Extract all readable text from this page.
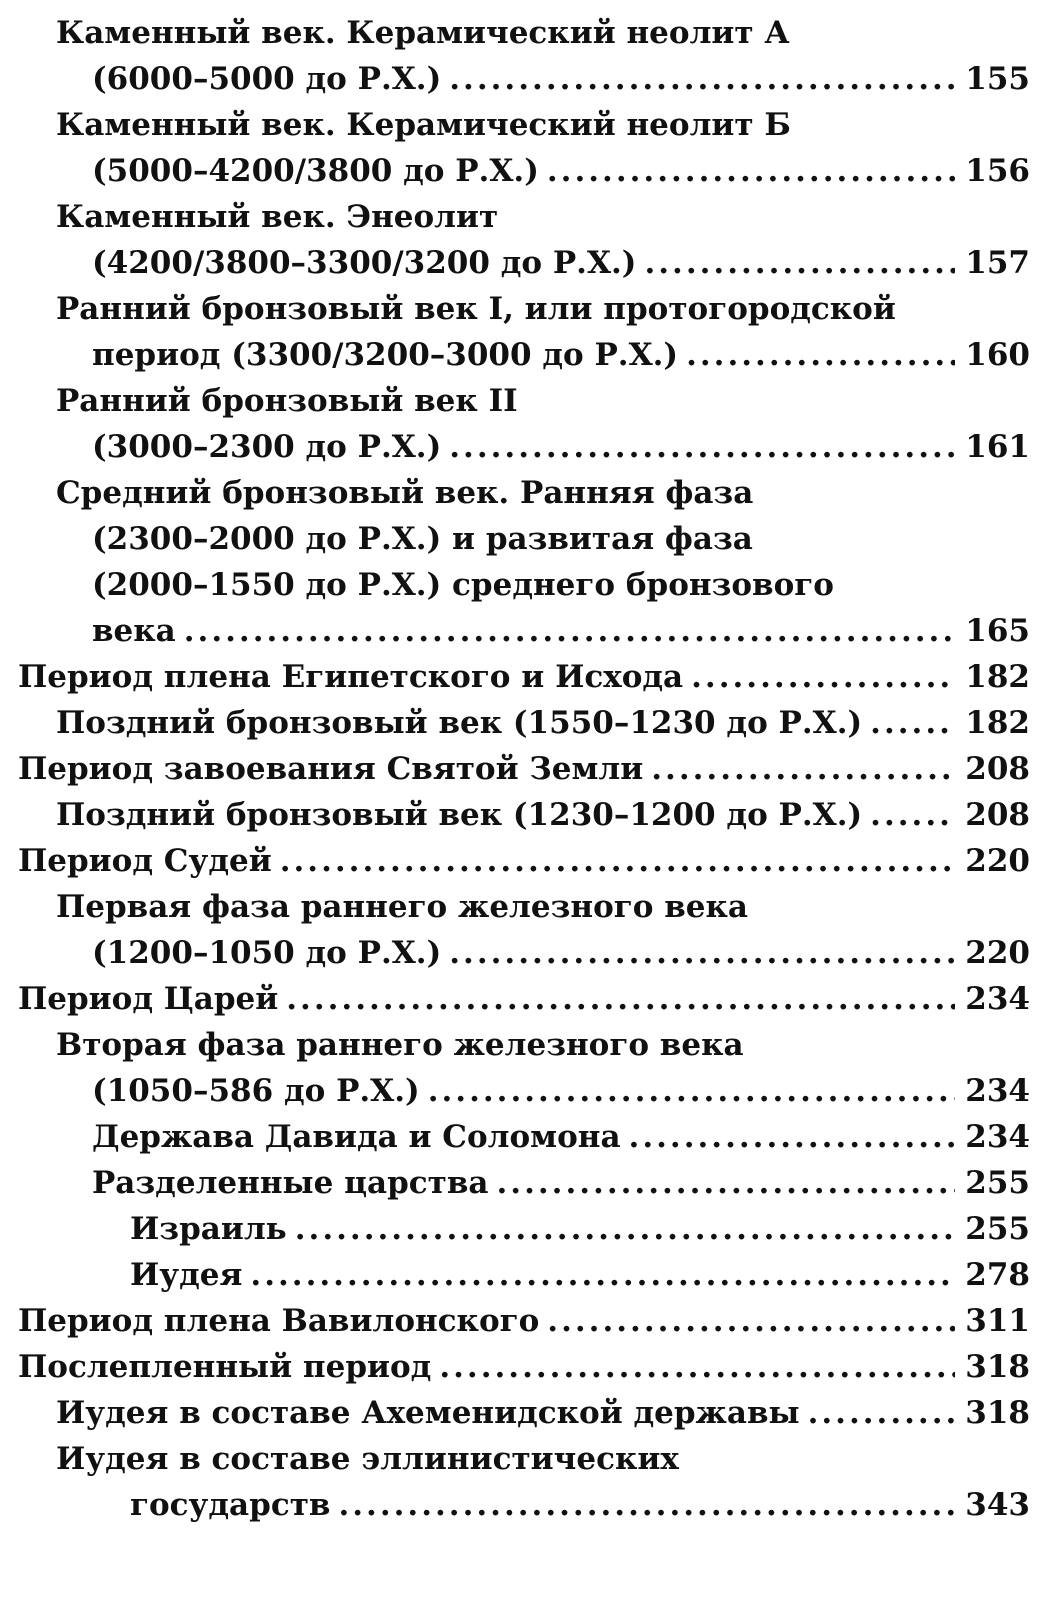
Каменный век. Керамический неолит А
(6000–5000 до Р.Х.) .....	155
Каменный век. Керамический неолит Б
(5000–4200/3800 до Р.Х.) .....	156
Каменный век. Энеолит
(4200/3800–3300/3200 до Р.Х.) .....	157
Ранний бронзовый век I, или протогородской
период (3300/3200–3000 до Р.Х.) .....	160
Ранний бронзовый век II
(3000–2300 до Р.Х.) .....	161
Средний бронзовый век. Ранняя фаза
(2300–2000 до Р.Х.) и развитая фаза
(2000–1550 до Р.Х.) среднего бронзового
века .....	165
Период плена Египетского и Исхода .....	182
Поздний бронзовый век (1550–1230 до Р.Х.) .....	182
Период завоевания Святой Земли .....	208
Поздний бронзовый век (1230–1200 до Р.Х.) .....	208
Период Судей .....	220
Первая фаза раннего железного века
(1200–1050 до Р.Х.) .....	220
Период Царей .....	234
Вторая фаза раннего железного века
(1050–586 до Р.Х.) .....	234
Держава Давида и Соломона .....	234
Разделенные царства .....	255
Израиль .....	255
Иудея .....	278
Период плена Вавилонского .....	311
Послепленный период .....	318
Иудея в составе Ахеменидской державы .....	318
Иудея в составе эллинистических
государств .....	343
